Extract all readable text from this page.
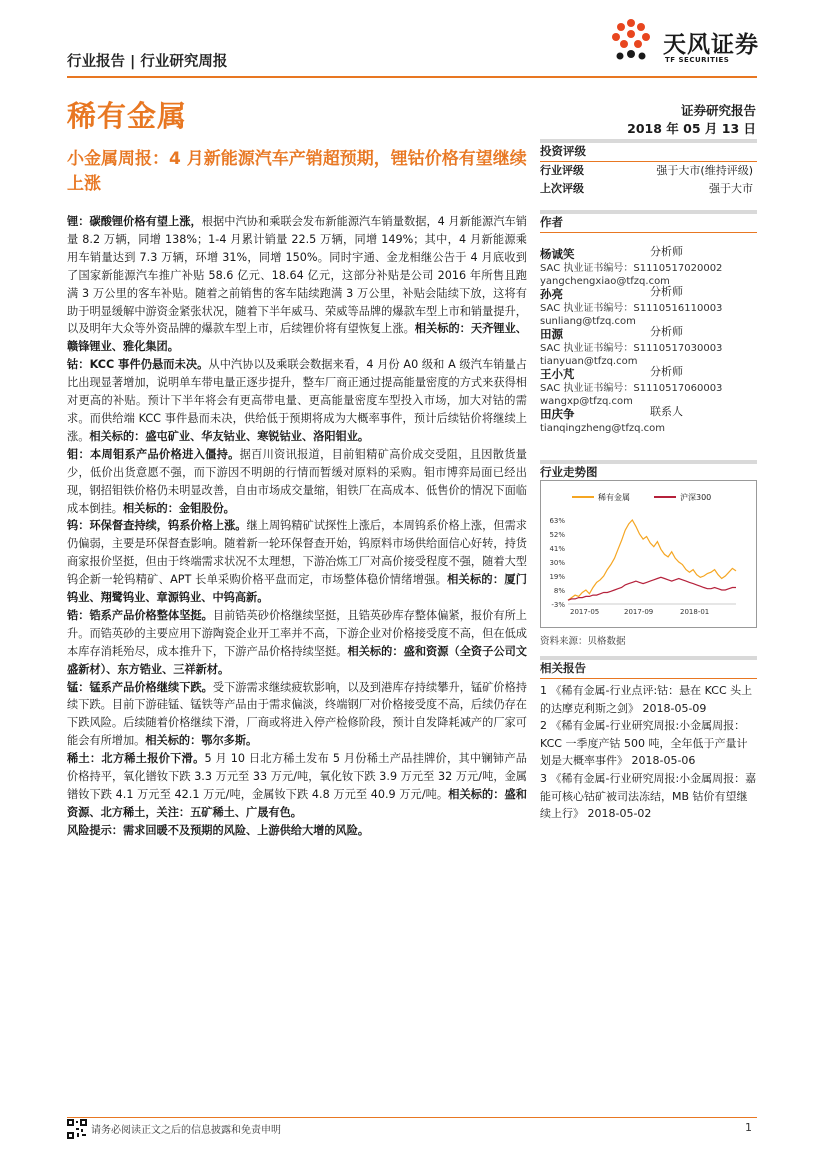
天风证券
TF SECURITIES
行业报告 | 行业研究周报
稀有金属	证券研究报告
2018 年 05 月 13 日
小金属周报：4 月新能源汽车产销超预期，锂钴价格有望继续上涨

锂：碳酸锂价格有望上涨，根据中汽协和乘联会发布新能源汽车销量数据，4 月新能源汽车销量 8.2 万辆，同增 138%；1-4 月累计销量 22.5 万辆，同增 149%；其中，4 月新能源乘用车销量达到 7.3 万辆，环增 31%，同增 150%。同时宇通、金龙相继公告于 4 月底收到了国家新能源汽车推广补贴 58.6 亿元、18.64 亿元，这部分补贴是公司 2016 年所售且跑满 3 万公里的客车补贴。随着之前销售的客车陆续跑满 3 万公里，补贴会陆续下放，这将有助于明显缓解中游资金紧张状况，随着下半年威马、荣威等品牌的爆款车型上市和销量提升，以及明年大众等外资品牌的爆款车型上市，后续锂价将有望恢复上涨。相关标的：天齐锂业、赣锋锂业、雅化集团。

钴：KCC 事件仍悬而未决。从中汽协以及乘联会数据来看，4 月份 A0 级和 A 级汽车销量占比出现显著增加，说明单车带电量正逐步提升，整车厂商正通过提高能量密度的方式来获得相对更高的补贴。预计下半年将会有更高带电量、更高能量密度车型投入市场，加大对钴的需求。而供给端 KCC 事件悬而未决，供给低于预期将成为大概率事件，预计后续钴价将继续上涨。相关标的：盛屯矿业、华友钴业、寒锐钴业、洛阳钼业。

钼：本周钼系产品价格进入僵持。据百川资讯报道，目前钼精矿高价成交受阻，且因散货量少，低价出货意愿不强，而下游因不明朗的行情而暂缓对原料的采购。钼市博弈局面已经出现，钢招钼铁价格仍未明显改善，自由市场成交量缩，钼铁厂在高成本、低售价的情况下面临成本倒挂。相关标的：金钼股份。

钨：环保督查持续，钨系价格上涨。继上周钨精矿试探性上涨后，本周钨系价格上涨，但需求仍偏弱，主要是环保督查影响。随着新一轮环保督查开始，钨原料市场供给面信心好转，持货商家报价坚挺，但由于终端需求状况不太理想，下游冶炼工厂对高价接受程度不强，随着大型钨企新一轮钨精矿、APT 长单采购价格平盘而定，市场整体稳价情绪增强。相关标的：厦门钨业、翔鹭钨业、章源钨业、中钨高新。

锆：锆系产品价格整体坚挺。目前锆英砂价格继续坚挺，且锆英砂库存整体偏紧，报价有所上升。而锆英砂的主要应用下游陶瓷企业开工率并不高，下游企业对价格接受度不高，但在低成本库存消耗殆尽，成本推升下，下游产品价格持续坚挺。相关标的：盛和资源（全资子公司文盛新材）、东方锆业、三祥新材。

锰：锰系产品价格继续下跌。受下游需求继续疲软影响，以及到港库存持续攀升，锰矿价格持续下跌。目前下游硅锰、锰铁等产品由于需求偏淡，终端钢厂对价格接受度不高，后续仍存在下跌风险。后续随着价格继续下滑，厂商或将进入停产检修阶段，预计自发降耗减产的厂家可能会有所增加。相关标的：鄂尔多斯。

稀土：北方稀土报价下滑。5 月 10 日北方稀土发布 5 月份稀土产品挂牌价，其中镧铈产品价格持平，氧化镨钕下跌 3.3 万元至 33 万元/吨，氧化钕下跌 3.9 万元至 32 万元/吨，金属镨钕下跌 4.1 万元至 42.1 万元/吨，金属钕下跌 4.8 万元至 40.9 万元/吨。相关标的：盛和资源、北方稀土，关注：五矿稀土、广晟有色。

风险提示：需求回暖不及预期的风险、上游供给大增的风险。

投资评级
行业评级	强于大市(维持评级)
上次评级	强于大市
作者
杨诚笑	分析师
SAC 执业证书编号：S1110517020002
yangchengxiao@tfzq.com
孙亮	分析师
SAC 执业证书编号：S1110516110003
sunliang@tfzq.com
田源	分析师
SAC 执业证书编号：S1110517030003
tianyuan@tfzq.com
王小芃	分析师
SAC 执业证书编号：S1110517060003
wangxp@tfzq.com
田庆争	联系人
tianqingzheng@tfzq.com
行业走势图
稀有金属	沪深300
63%
52%
41%
30%
19%
8%
-3%
2017-05	2017-09	2018-01
资料来源：贝格数据
相关报告

1 《稀有金属-行业点评:钴：悬在 KCC 头上的达摩克利斯之剑》 2018-05-09

2 《稀有金属-行业研究周报:小金属周报：KCC 一季度产钴 500 吨，全年低于产量计划是大概率事件》 2018-05-06

3 《稀有金属-行业研究周报:小金属周报：嘉能可核心钴矿被司法冻结，MB 钴价有望继续上行》 2018-05-02

请务必阅读正文之后的信息披露和免责申明	1
